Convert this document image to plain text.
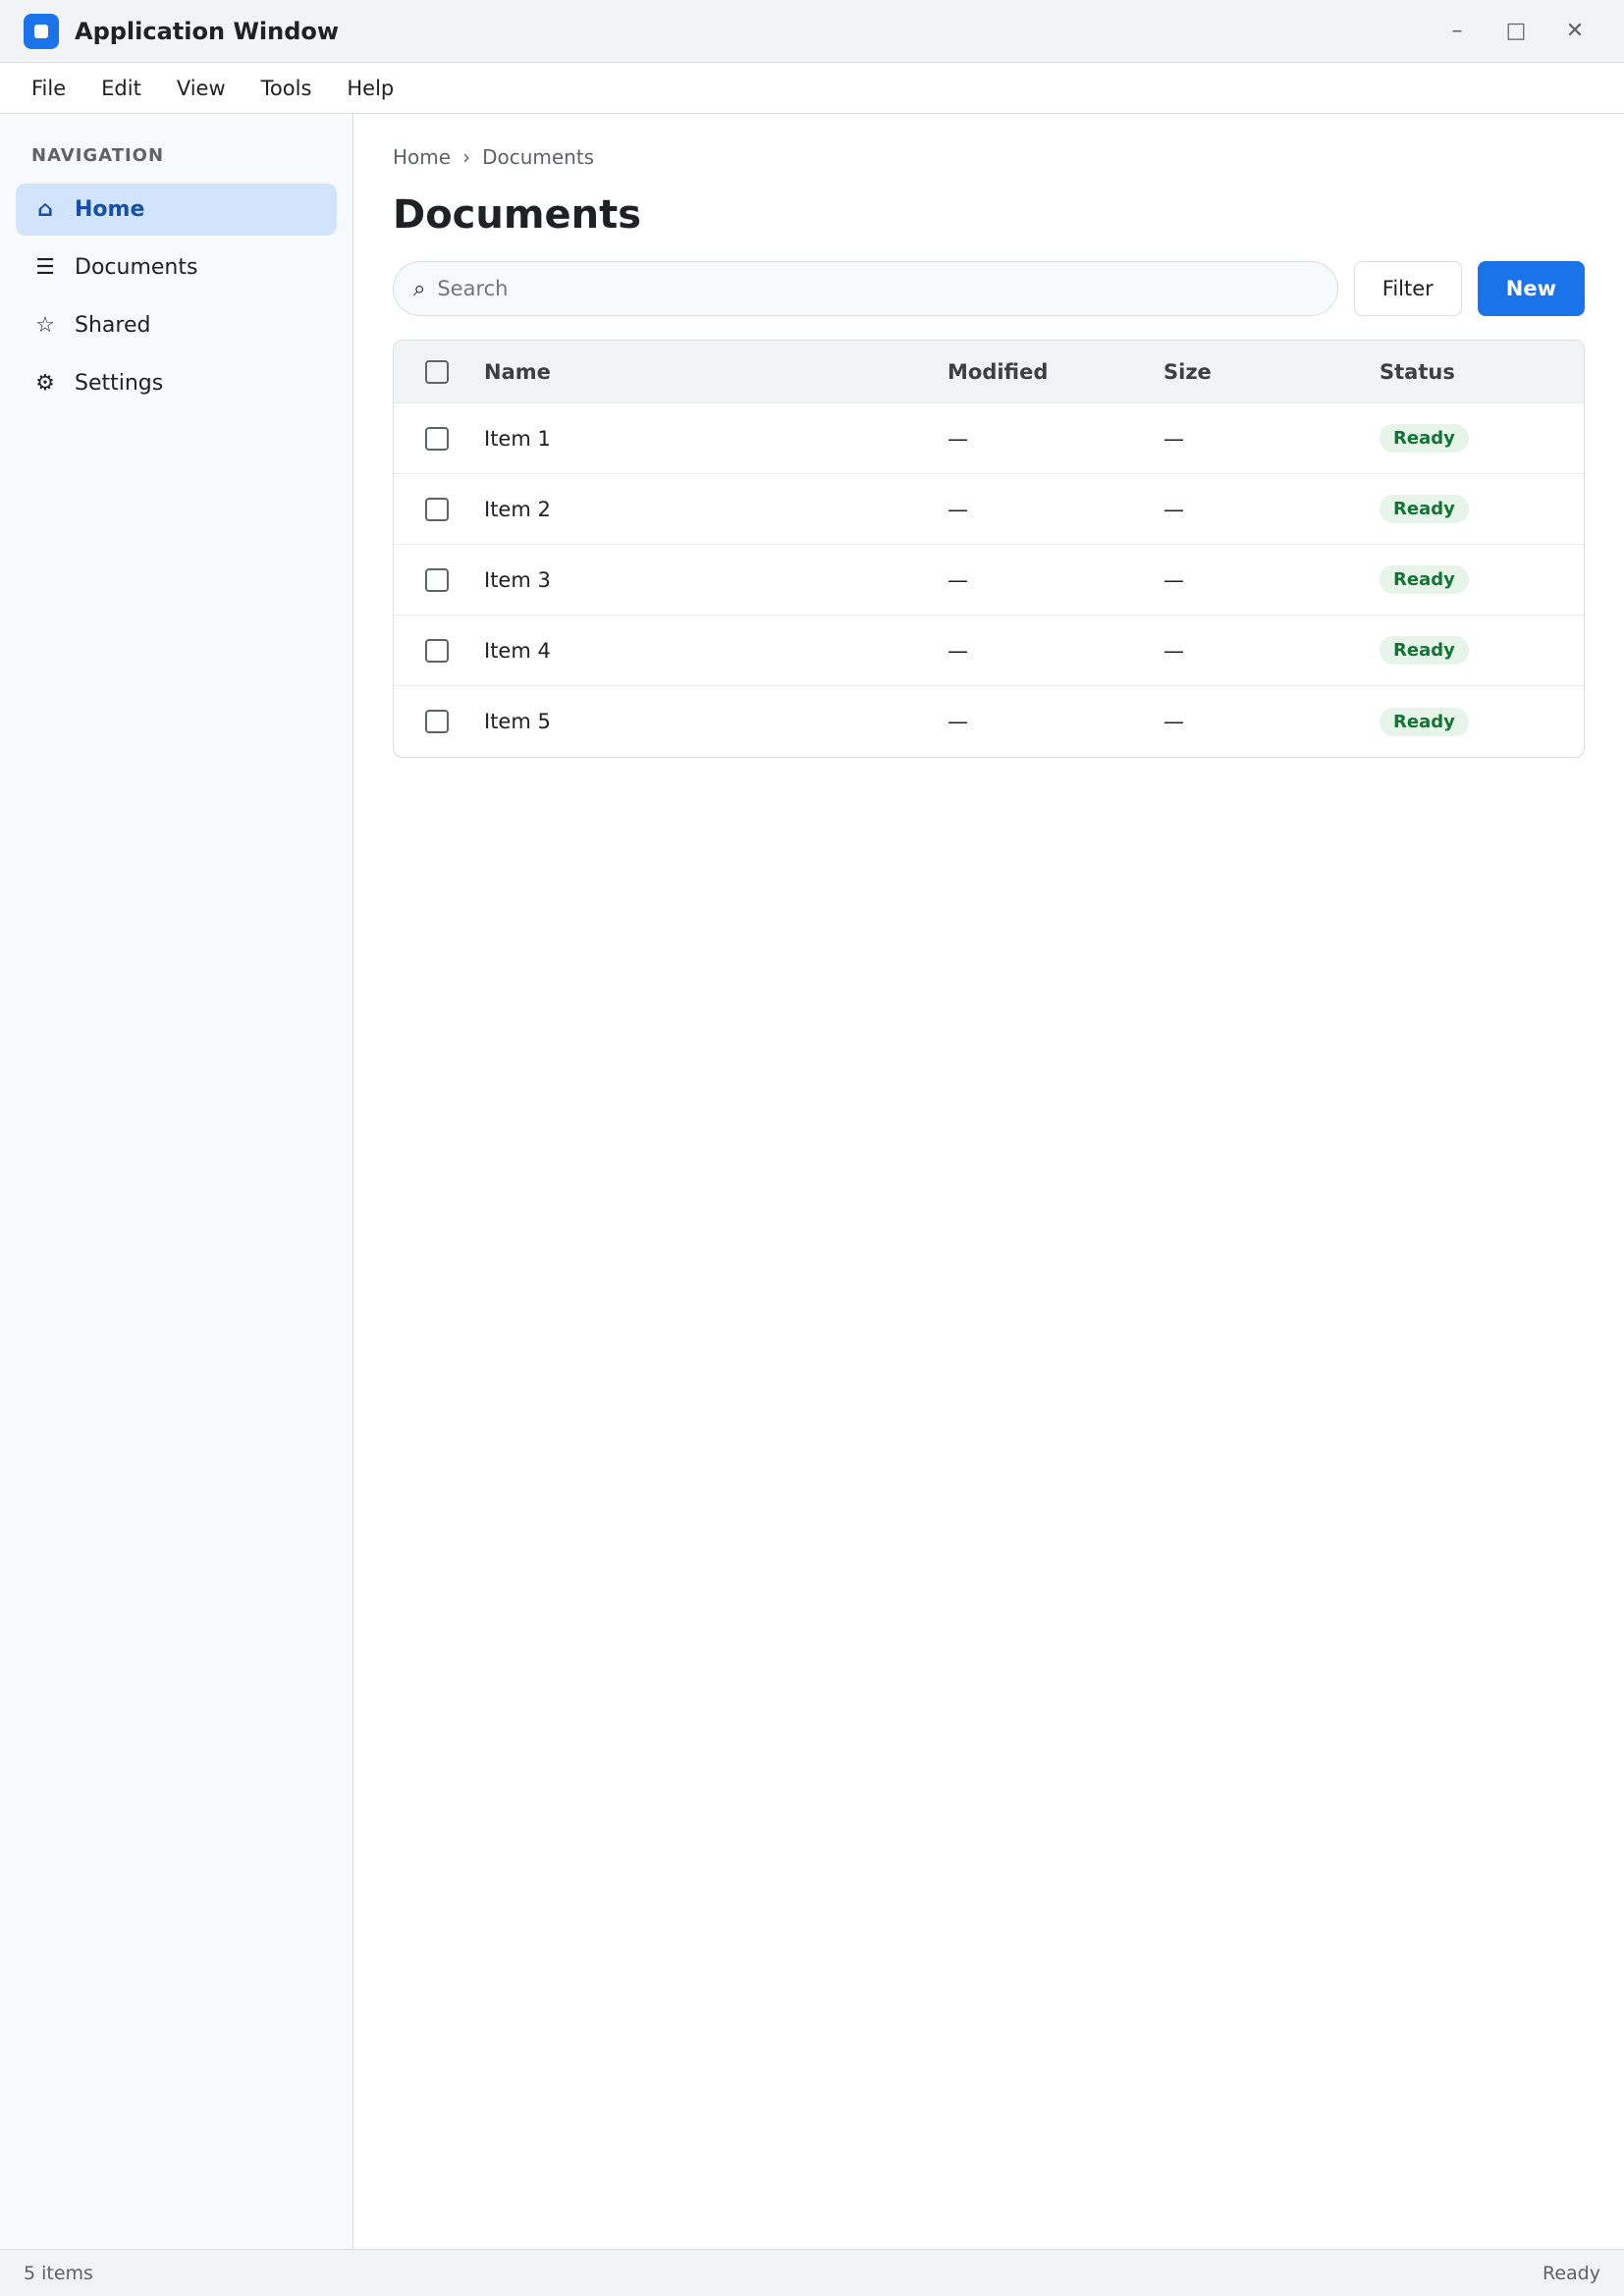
Application Window	–	□	✕
File	Edit	View	Tools	Help
NAVIGATION
⌂ Home
☰ Documents
☆ Shared
⚙ Settings
Home › Documents
Documents
⌕
Search	Filter	New
Name	Modified	Size	Status
Item 1	—	—	Ready
Item 2	—	—	Ready
Item 3	—	—	Ready
Item 4	—	—	Ready
Item 5	—	—	Ready
5 items	Ready
